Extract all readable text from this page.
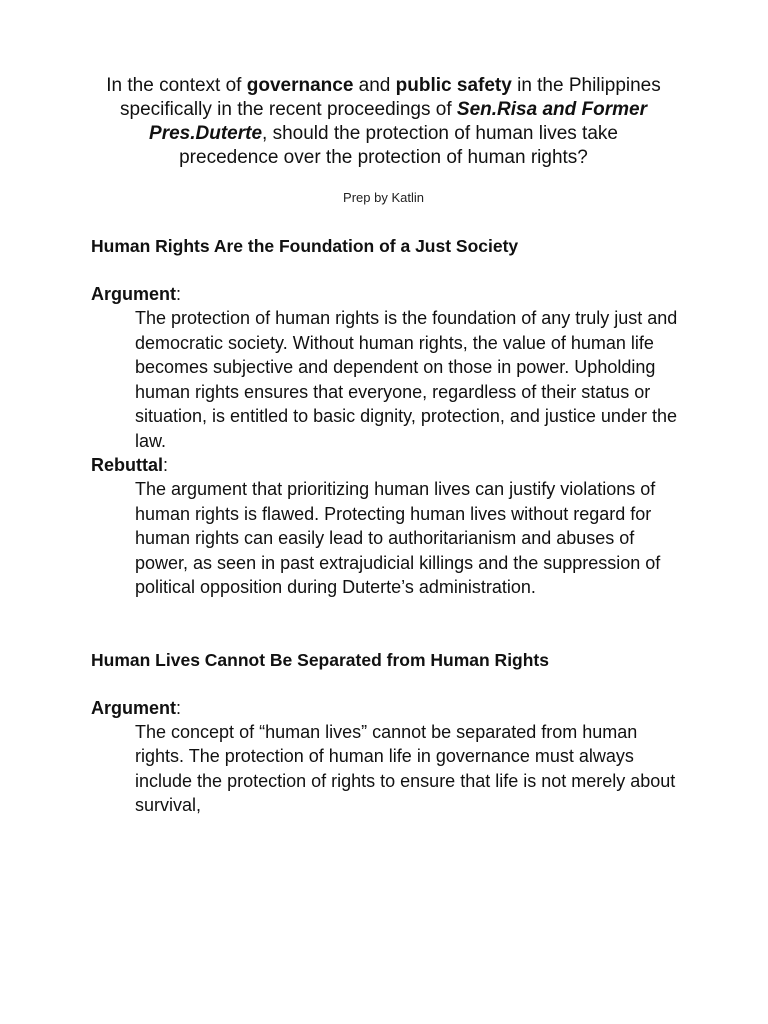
In the context of governance and public safety in the Philippines specifically in the recent proceedings of Sen.Risa and Former Pres.Duterte, should the protection of human lives take precedence over the protection of human rights?
Prep by Katlin
Human Rights Are the Foundation of a Just Society
Argument:
The protection of human rights is the foundation of any truly just and democratic society. Without human rights, the value of human life becomes subjective and dependent on those in power. Upholding human rights ensures that everyone, regardless of their status or situation, is entitled to basic dignity, protection, and justice under the law.
Rebuttal:
The argument that prioritizing human lives can justify violations of human rights is flawed. Protecting human lives without regard for human rights can easily lead to authoritarianism and abuses of power, as seen in past extrajudicial killings and the suppression of political opposition during Duterte’s administration.
Human Lives Cannot Be Separated from Human Rights
Argument:
The concept of “human lives” cannot be separated from human rights. The protection of human life in governance must always include the protection of rights to ensure that life is not merely about survival,
